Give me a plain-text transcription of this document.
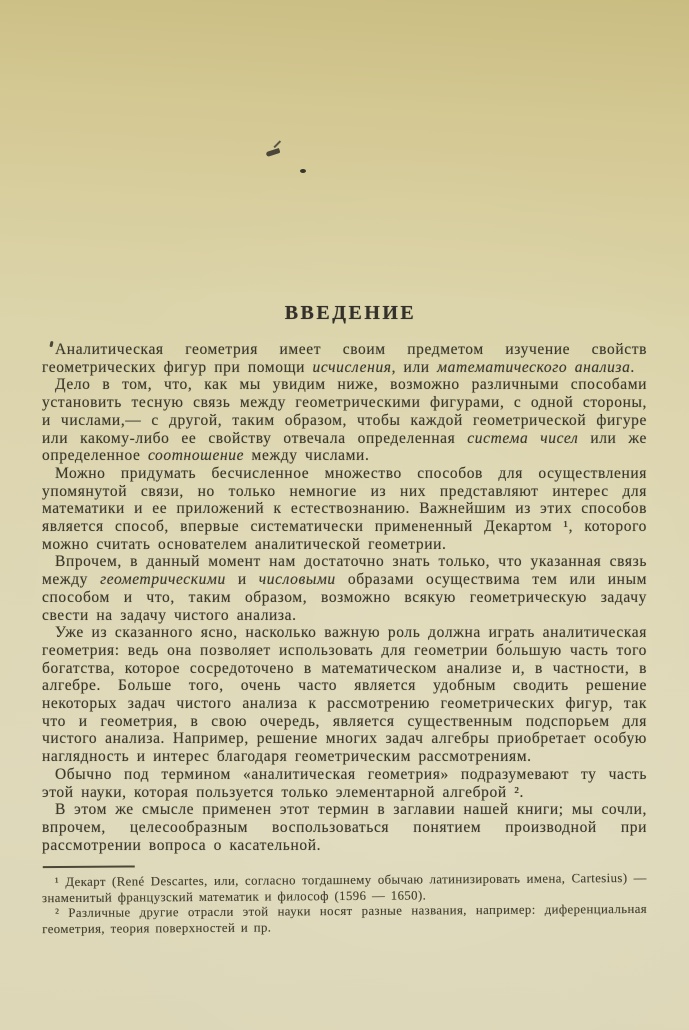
ВВЕДЕНИЕ

Аналитическая геометрия имеет своим предметом изучение свойств геометрических фигур при помощи исчисления, или математического анализа.

Дело в том, что, как мы увидим ниже, возможно различными способами установить тесную связь между геометрическими фигурами, с одной стороны, и числами,— с другой, таким образом, чтобы каждой геометрической фигуре или какому-либо ее свойству отвечала определенная система чисел или же определенное соотношение между числами.

Можно придумать бесчисленное множество способов для осуществления упомянутой связи, но только немногие из них представляют интерес для математики и ее приложений к естествознанию. Важнейшим из этих способов является способ, впервые систематически примененный Декартом ¹, которого можно считать основателем аналитической геометрии.

Впрочем, в данный момент нам достаточно знать только, что указанная связь между геометрическими и числовыми образами осуществима тем или иным способом и что, таким образом, возможно всякую геометрическую задачу свести на задачу чистого анализа.

Уже из сказанного ясно, насколько важную роль должна играть аналитическая геометрия: ведь она позволяет использовать для геометрии бо́льшую часть того богатства, которое сосредоточено в математическом анализе и, в частности, в алгебре. Больше того, очень часто является удобным сводить решение некоторых задач чистого анализа к рассмотрению геометрических фигур, так что и геометрия, в свою очередь, является существенным подспорьем для чистого анализа. Например, решение многих задач алгебры приобретает особую наглядность и интерес благодаря геометрическим рассмотрениям.

Обычно под термином «аналитическая геометрия» подразумевают ту часть этой науки, которая пользуется только элементарной алгеброй ².

В этом же смысле применен этот термин в заглавии нашей книги; мы сочли, впрочем, целесообразным воспользоваться понятием производной при рассмотрении вопроса о касательной.

¹ Декарт (René Descartes, или, согласно тогдашнему обычаю латинизировать имена, Cartesius) — знаменитый французский математик и философ (1596 — 1650).

² Различные другие отрасли этой науки носят разные названия, например: диференциальная геометрия, теория поверхностей и пр.
